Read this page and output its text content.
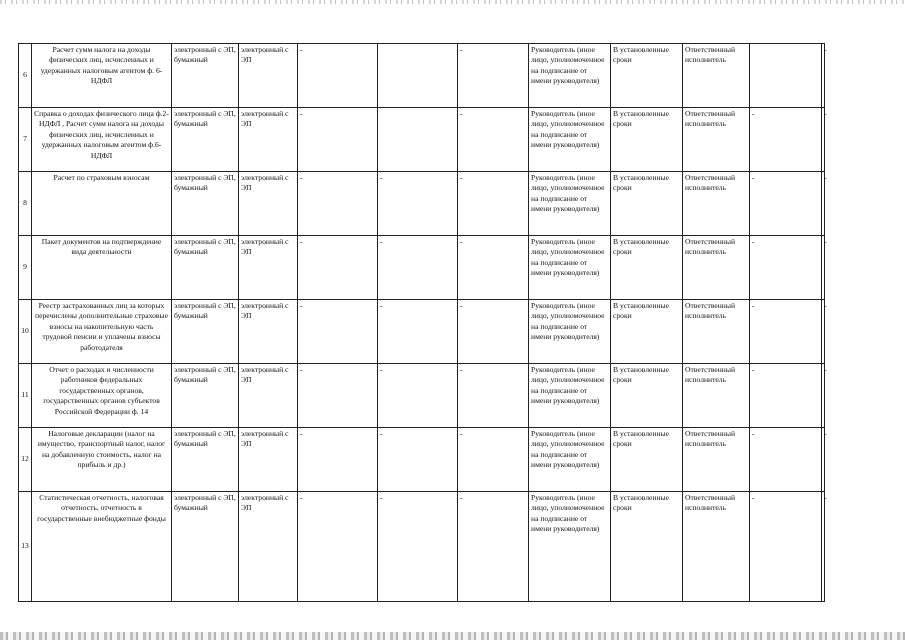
6	Расчет сумм налога на доходы физических лиц, исчисленных и удержанных налоговым агентом ф. 6-НДФЛ	электронный с ЭП, бумажный	электронный с ЭП	-		-	Руководитель (иное лицо, уполномоченное на подписание от имени руководителя)	В установленные сроки	Ответственный исполнитель		-
7	Справка о доходах физического лица ф.2-НДФЛ , Расчет сумм налога на доходы физических лиц, исчисленных и удержанных налоговым агентом ф.6-НДФЛ	электронный с ЭП, бумажный	электронный с ЭП	-		-	Руководитель (иное лицо, уполномоченное на подписание от имени руководителя)	В установленные сроки	Ответственный исполнитель	-	-
8	Расчет по страховым взносам	электронный с ЭП, бумажный	электронный с ЭП	-	-	-	Руководитель (иное лицо, уполномоченное на подписание от имени руководителя)	В установленные сроки	Ответственный исполнитель	-	-
9	Пакет документов на подтверждение вида деятельности	электронный с ЭП, бумажный	электронный с ЭП	-	-	-	Руководитель (иное лицо, уполномоченное на подписание от имени руководителя)	В установленные сроки	Ответственный исполнитель	-	-
10	Реестр застрахованных лиц за которых перечислены дополнительные страховые взносы на накопительную часть трудовой пенсии и уплачены взносы работодателя	электронный с ЭП, бумажный	электронный с ЭП	-	-	-	Руководитель (иное лицо, уполномоченное на подписание от имени руководителя)	В установленные сроки	Ответственный исполнитель	-	-
11	Отчет о расходах и численности работников федеральных государственных органов, государственных органов субъектов Российской Федерации ф. 14	электронный с ЭП, бумажный	электронный с ЭП	-	-	-	Руководитель (иное лицо, уполномоченное на подписание от имени руководителя)	В установленные сроки	Ответственный исполнитель	-	-
12	Налоговые декларации (налог на имущество, транспортный налог, налог на добавленную стоимость, налог на прибыль и др.)	электронный с ЭП, бумажный	электронный с ЭП	-	-	-	Руководитель (иное лицо, уполномоченное на подписание от имени руководителя)	В установленные сроки	Ответственный исполнитель	-	-
13	Статистическая отчетность, налоговая отчетность, отчетность в государственные внебюджетные фонды	электронный с ЭП, бумажный	электронный с ЭП	-	-	-	Руководитель (иное лицо, уполномоченное на подписание от имени руководителя)	В установленные сроки	Ответственный исполнитель	-	-
